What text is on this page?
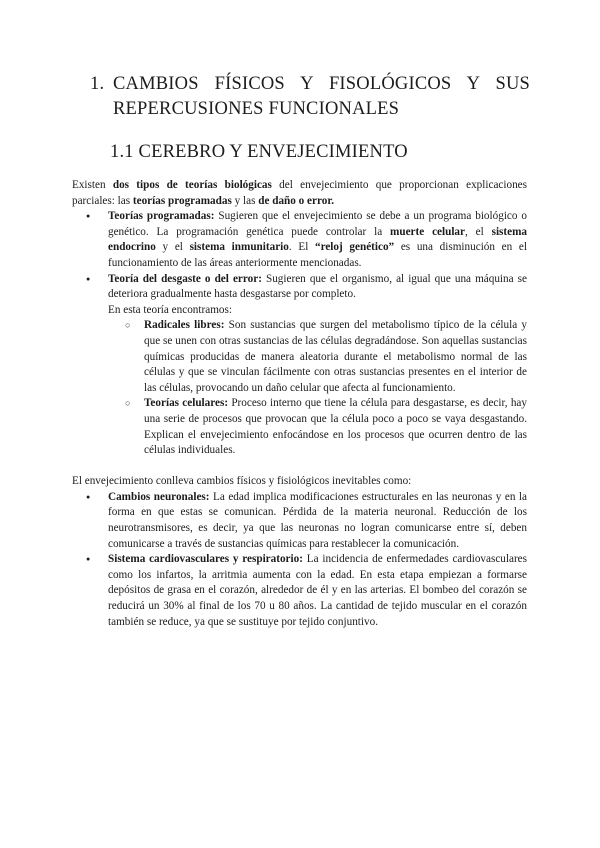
1. CAMBIOS FÍSICOS Y FISOLÓGICOS Y SUS
REPERCUSIONES FUNCIONALES
1.1 CEREBRO Y ENVEJECIMIENTO

Existen dos tipos de teorías biológicas del envejecimiento que proporcionan explicaciones parciales: las teorías programadas y las de daño o error.

● Teorías programadas: Sugieren que el envejecimiento se debe a un programa biológico o genético. La programación genética puede controlar la muerte celular, el sistema endocrino y el sistema inmunitario. El “reloj genético” es una disminución en el funcionamiento de las áreas anteriormente mencionadas.
● Teoría del desgaste o del error: Sugieren que el organismo, al igual que una máquina se deteriora gradualmente hasta desgastarse por completo.

En esta teoría encontramos:

○ Radicales libres: Son sustancias que surgen del metabolismo típico de la célula y que se unen con otras sustancias de las células degradándose. Son aquellas sustancias químicas producidas de manera aleatoria durante el metabolismo normal de las células y que se vinculan fácilmente con otras sustancias presentes en el interior de las células, provocando un daño celular que afecta al funcionamiento.
○ Teorías celulares: Proceso interno que tiene la célula para desgastarse, es decir, hay una serie de procesos que provocan que la célula poco a poco se vaya desgastando. Explican el envejecimiento enfocándose en los procesos que ocurren dentro de las células individuales.

El envejecimiento conlleva cambios físicos y fisiológicos inevitables como:

● Cambios neuronales: La edad implica modificaciones estructurales en las neuronas y en la forma en que estas se comunican. Pérdida de la materia neuronal. Reducción de los neurotransmisores, es decir, ya que las neuronas no logran comunicarse entre sí, deben comunicarse a través de sustancias químicas para restablecer la comunicación.
● Sistema cardiovasculares y respiratorio: La incidencia de enfermedades cardiovasculares como los infartos, la arritmia aumenta con la edad. En esta etapa empiezan a formarse depósitos de grasa en el corazón, alrededor de él y en las arterias. El bombeo del corazón se reducirá un 30% al final de los 70 u 80 años. La cantidad de tejido muscular en el corazón también se reduce, ya que se sustituye por tejido conjuntivo.
